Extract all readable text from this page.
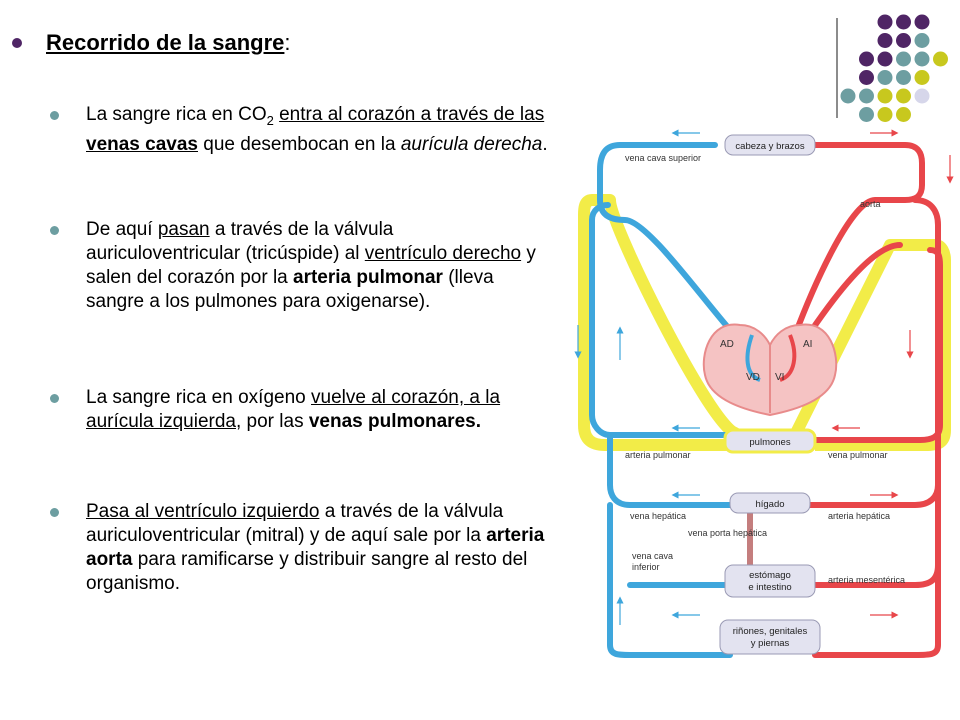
Recorrido de la sangre :
La sangre rica en $CO_2$ entra al corazón a través de las venas cavas que desembocan en la aurícula derecha.
De aquí pasan a través de la válvula auriculoventricular (tricúspide) al ventrículo derecho y salen del corazón por la arteria pulmonar (lleva sangre a los pulmones para oxigenarse).
La sangre rica en oxígeno vuelve al corazón, a la aurícula izquierda, por las venas pulmonares.
Pasa al ventrículo izquierdo a través de la válvula auriculoventricular (mitral) y de aquí sale por la arteria aorta para ramificarse y distribuir sangre al resto del organismo.
AD	AI
VD VI
cabeza y brazos
pulmones
hígado
estómago
e intestino
riñones, genitales
y piernas
vena cava superior
aorta
arteria pulmonar	vena pulmonar
vena hepática
vena porta hepática
arteria hepática
vena cava
inferior
arteria mesentérica
